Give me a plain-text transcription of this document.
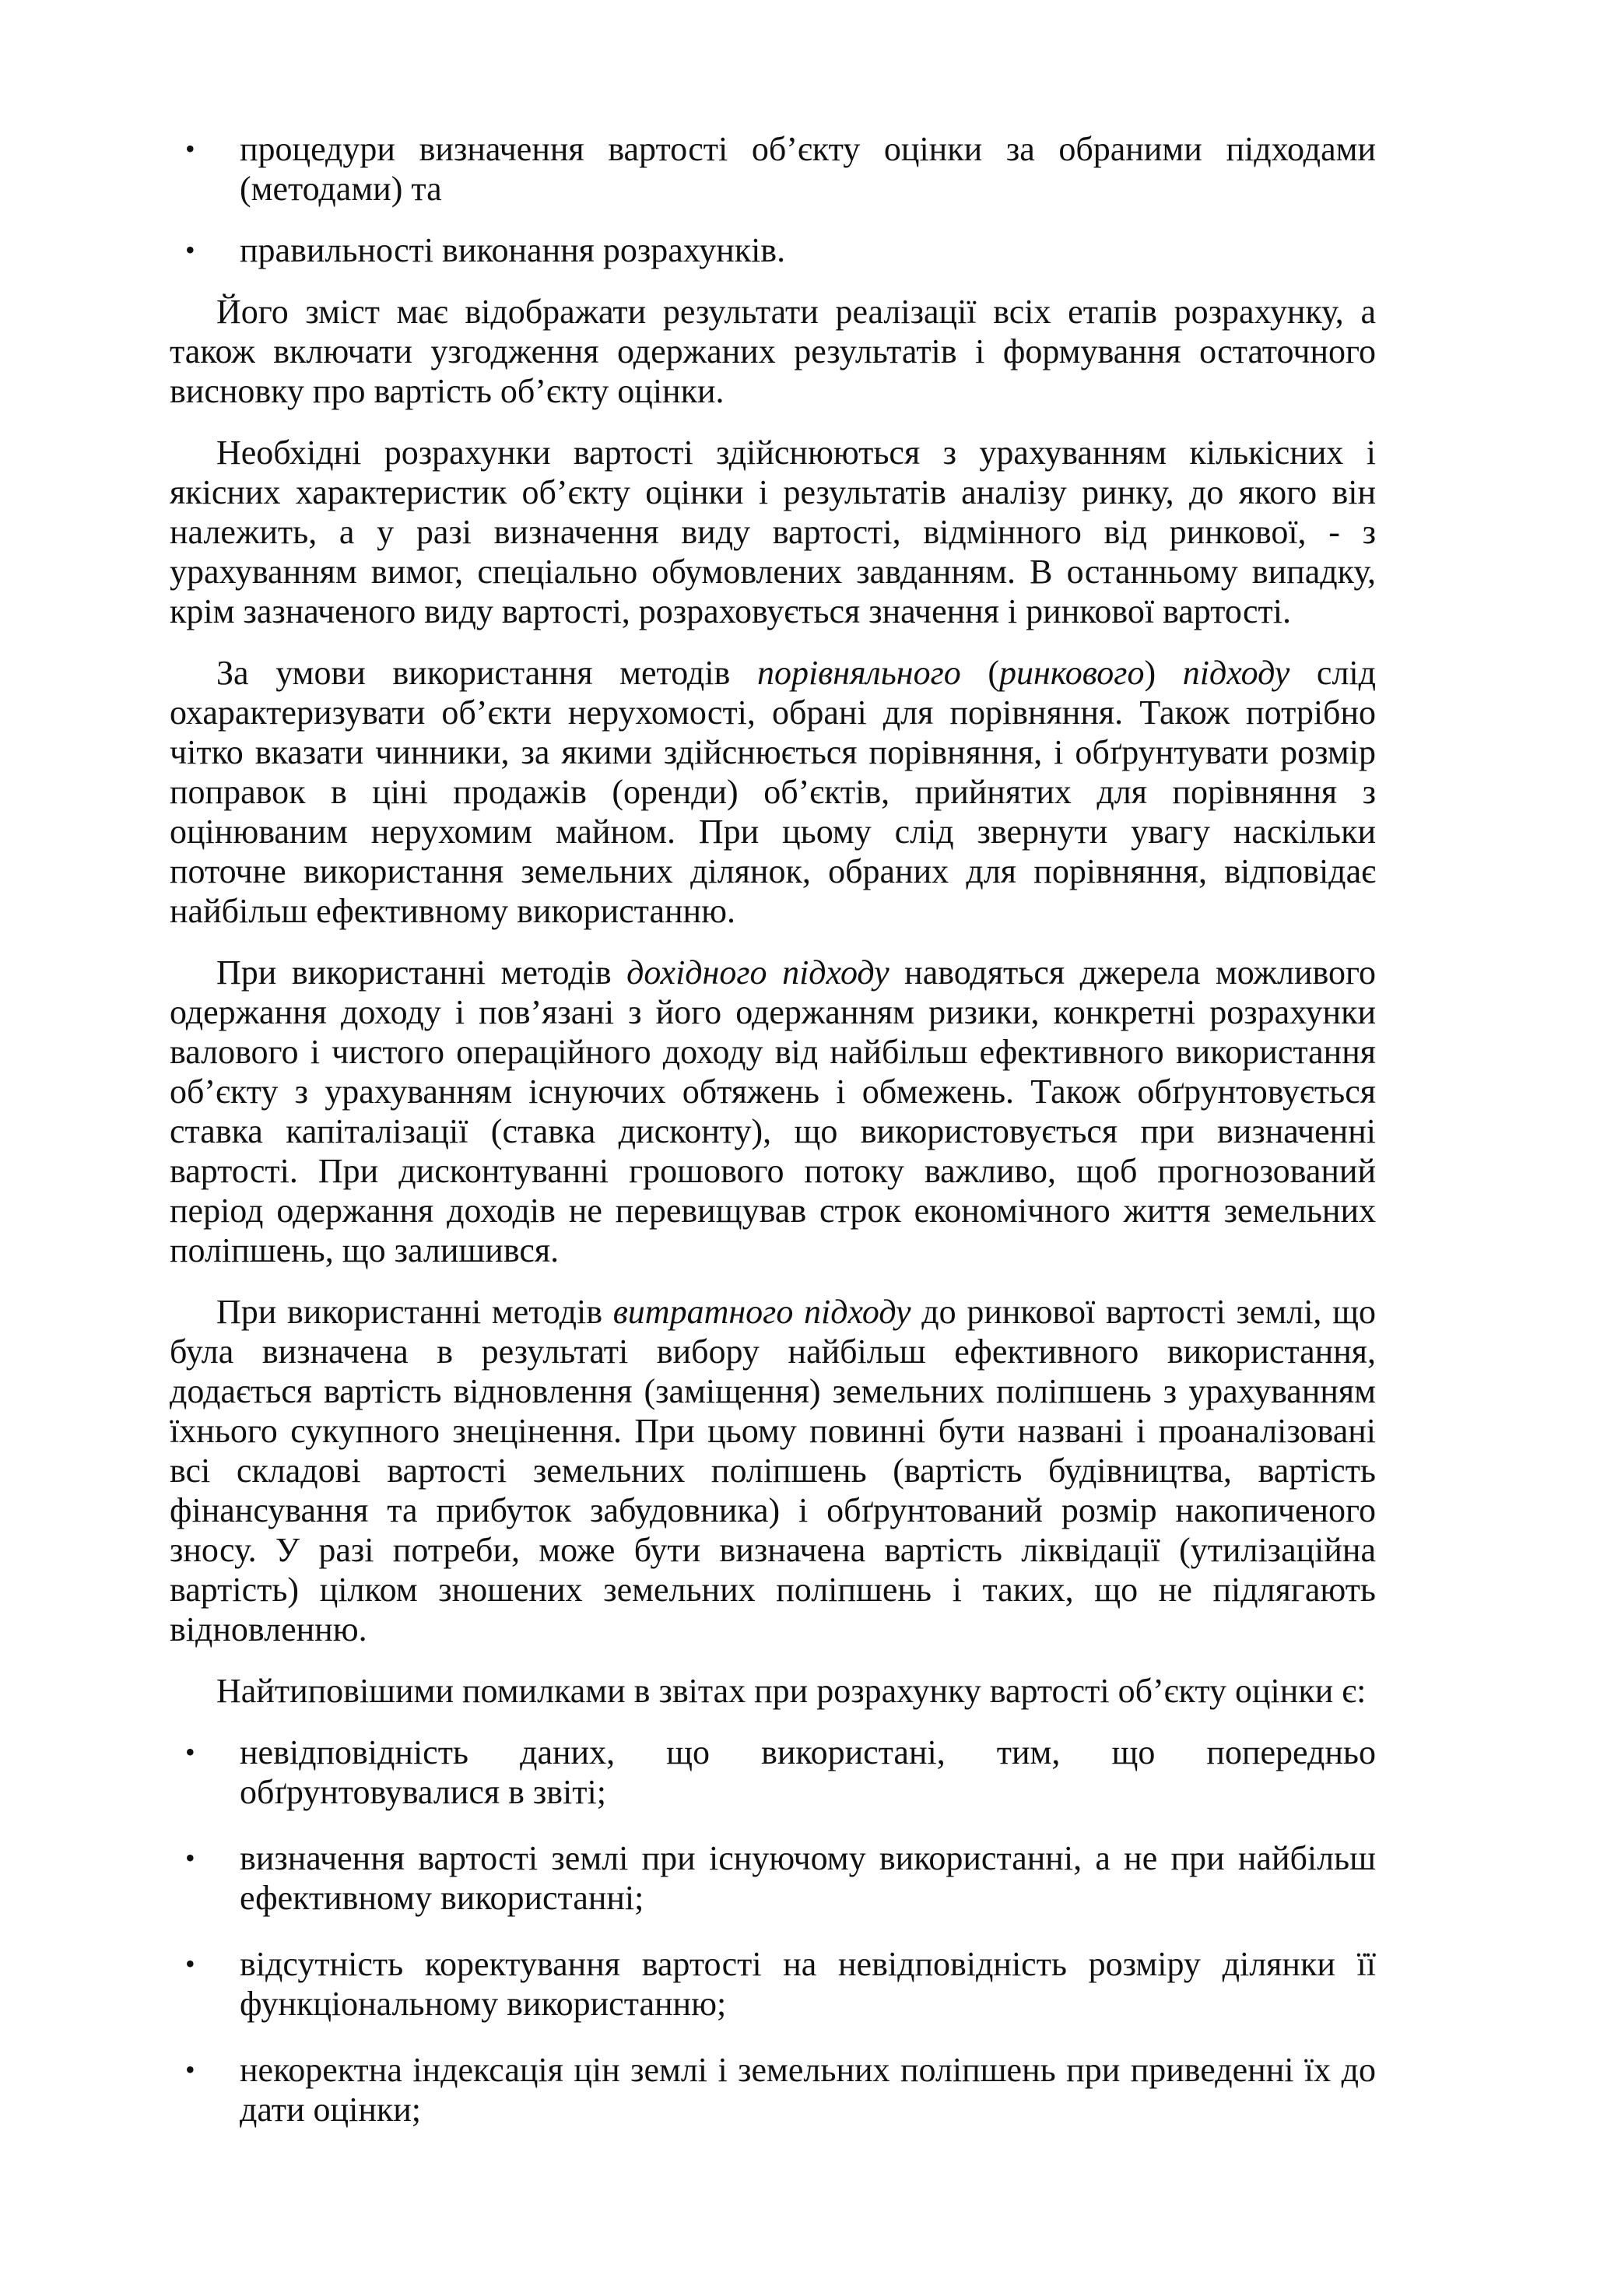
• процедури визначення вартості об’єкту оцінки за обраними підходами (методами) та
• правильності виконання розрахунків.

Його зміст має відображати результати реалізації всіх етапів розрахунку, а також включати узгодження одержаних результатів і формування остаточного висновку про вартість об’єкту оцінки.

Необхідні розрахунки вартості здійснюються з урахуванням кількісних і якісних характеристик об’єкту оцінки і результатів аналізу ринку, до якого він належить, а у разі визначення виду вартості, відмінного від ринкової, - з урахуванням вимог, спеціально обумовлених завданням. В останньому випадку, крім зазначеного виду вартості, розраховується значення і ринкової вартості.

За умови використання методів порівняльного (ринкового) підходу слід охарактеризувати об’єкти нерухомості, обрані для порівняння. Також потрібно чітко вказати чинники, за якими здійснюється порівняння, і обґрунтувати розмір поправок в ціні продажів (оренди) об’єктів, прийнятих для порівняння з оцінюваним нерухомим майном. При цьому слід звернути увагу наскільки поточне використання земельних ділянок, обраних для порівняння, відповідає найбільш ефективному використанню.

При використанні методів дохідного підходу наводяться джерела можливого одержання доходу і пов’язані з його одержанням ризики, конкретні розрахунки валового і чистого операційного доходу від найбільш ефективного використання об’єкту з урахуванням існуючих обтяжень і обмежень. Також обґрунтовується ставка капіталізації (ставка дисконту), що використовується при визначенні вартості. При дисконтуванні грошового потоку важливо, щоб прогнозований період одержання доходів не перевищував строк економічного життя земельних поліпшень, що залишився.

При використанні методів витратного підходу до ринкової вартості землі, що була визначена в результаті вибору найбільш ефективного використання, додається вартість відновлення (заміщення) земельних поліпшень з урахуванням їхнього сукупного знецінення. При цьому повинні бути названі і проаналізовані всі складові вартості земельних поліпшень (вартість будівництва, вартість фінансування та прибуток забудовника) і обґрунтований розмір накопиченого зносу. У разі потреби, може бути визначена вартість ліквідації (утилізаційна вартість) цілком зношених земельних поліпшень і таких, що не підлягають відновленню.

Найтиповішими помилками в звітах при розрахунку вартості об’єкту оцінки є:

• невідповідність даних, що використані, тим, що попередньо обґрунтовувалися в звіті;
• визначення вартості землі при існуючому використанні, а не при найбільш ефективному використанні;
• відсутність коректування вартості на невідповідність розміру ділянки її функціональному використанню;
• некоректна індексація цін землі і земельних поліпшень при приведенні їх до дати оцінки;
